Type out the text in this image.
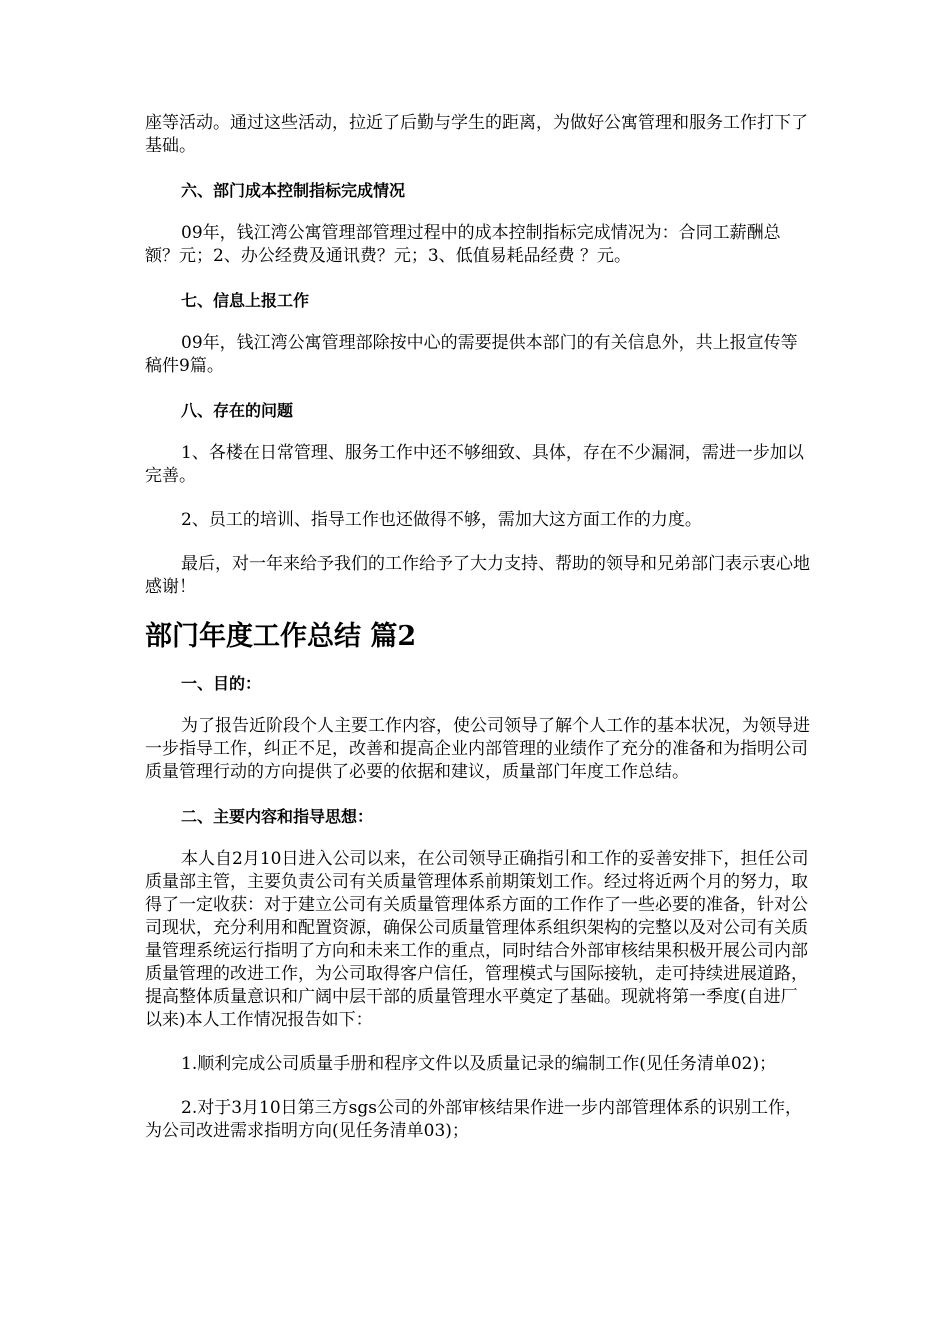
座等活动。通过这些活动，拉近了后勤与学生的距离，为做好公寓管理和服务工作打下了基础。

六、部门成本控制指标完成情况

09年，钱江湾公寓管理部管理过程中的成本控制指标完成情况为：合同工薪酬总额？元；2、办公经费及通讯费？元；3、低值易耗品经费 ？元。

七、信息上报工作

09年，钱江湾公寓管理部除按中心的需要提供本部门的有关信息外，共上报宣传等稿件9篇。

八、存在的问题

1、各楼在日常管理、服务工作中还不够细致、具体，存在不少漏洞，需进一步加以完善。

2、员工的培训、指导工作也还做得不够，需加大这方面工作的力度。

最后，对一年来给予我们的工作给予了大力支持、帮助的领导和兄弟部门表示衷心地感谢！

部门年度工作总结 篇2

一、目的：

为了报告近阶段个人主要工作内容，使公司领导了解个人工作的基本状况，为领导进一步指导工作，纠正不足，改善和提高企业内部管理的业绩作了充分的准备和为指明公司质量管理行动的方向提供了必要的依据和建议，质量部门年度工作总结。

二、主要内容和指导思想：

本人自2月10日进入公司以来，在公司领导正确指引和工作的妥善安排下，担任公司质量部主管，主要负责公司有关质量管理体系前期策划工作。经过将近两个月的努力，取得了一定收获：对于建立公司有关质量管理体系方面的工作作了一些必要的准备，针对公司现状，充分利用和配置资源，确保公司质量管理体系组织架构的完整以及对公司有关质量管理系统运行指明了方向和未来工作的重点，同时结合外部审核结果积极开展公司内部质量管理的改进工作，为公司取得客户信任，管理模式与国际接轨，走可持续进展道路，提高整体质量意识和广阔中层干部的质量管理水平奠定了基础。现就将第一季度(自进厂以来)本人工作情况报告如下：

1.顺利完成公司质量手册和程序文件以及质量记录的编制工作(见任务清单02)；

2.对于3月10日第三方sgs公司的外部审核结果作进一步内部管理体系的识别工作，为公司改进需求指明方向(见任务清单03)；
